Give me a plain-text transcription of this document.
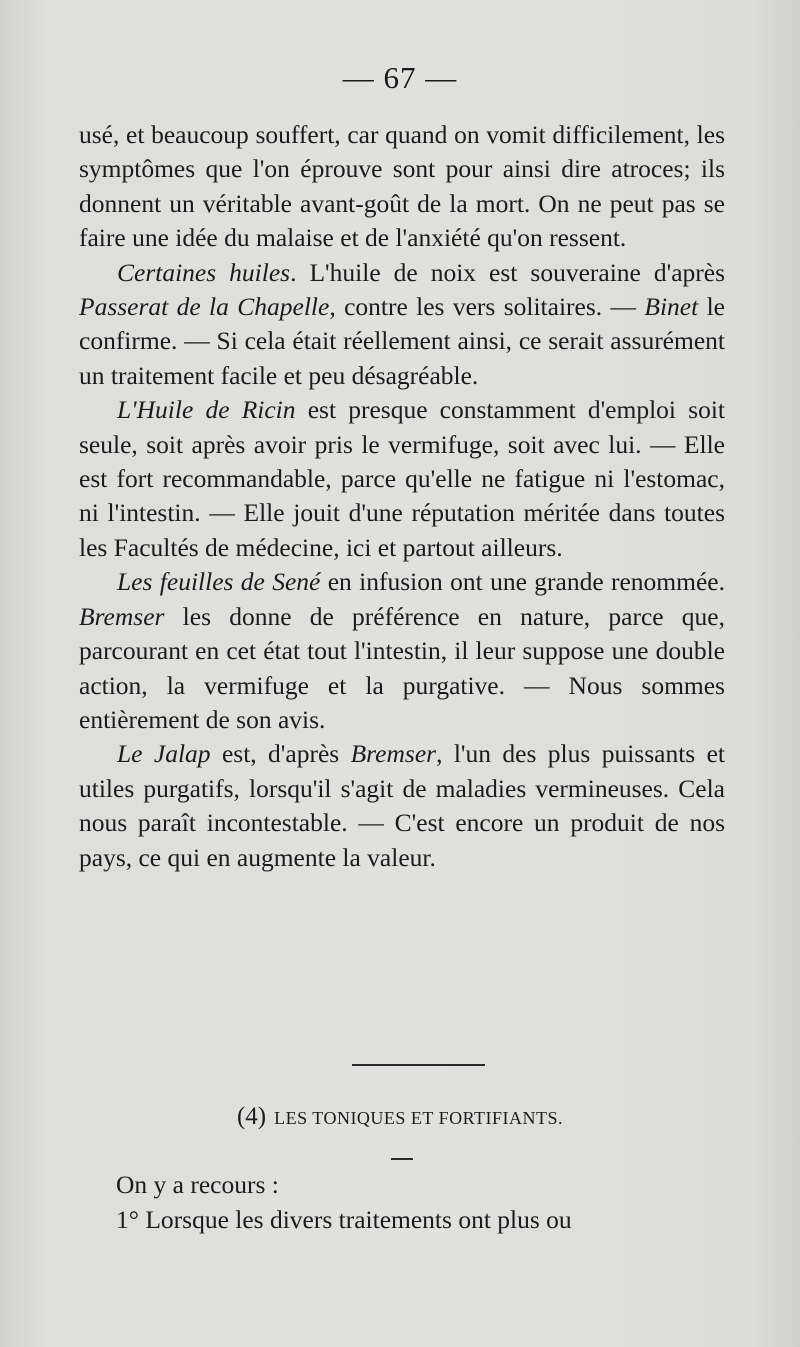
— 67 —

usé, et beaucoup souffert, car quand on vomit difficilement, les symptômes que l'on éprouve sont pour ainsi dire atroces; ils donnent un véritable avant-goût de la mort. On ne peut pas se faire une idée du malaise et de l'anxiété qu'on ressent.

Certaines huiles. L'huile de noix est souveraine d'après Passerat de la Chapelle, contre les vers solitaires. — Binet le confirme. — Si cela était réellement ainsi, ce serait assurément un traitement facile et peu désagréable.

L'Huile de Ricin est presque constamment d'emploi soit seule, soit après avoir pris le vermifuge, soit avec lui. — Elle est fort recommandable, parce qu'elle ne fatigue ni l'estomac, ni l'intestin. — Elle jouit d'une réputation méritée dans toutes les Facultés de médecine, ici et partout ailleurs.

Les feuilles de Sené en infusion ont une grande renommée. Bremser les donne de préférence en nature, parce que, parcourant en cet état tout l'intestin, il leur suppose une double action, la vermifuge et la purgative. — Nous sommes entièrement de son avis.

Le Jalap est, d'après Bremser, l'un des plus puissants et utiles purgatifs, lorsqu'il s'agit de maladies vermineuses. Cela nous paraît incontestable. — C'est encore un produit de nos pays, ce qui en augmente la valeur.

(4) LES TONIQUES ET FORTIFIANTS.

On y a recours :

1° Lorsque les divers traitements ont plus ou
